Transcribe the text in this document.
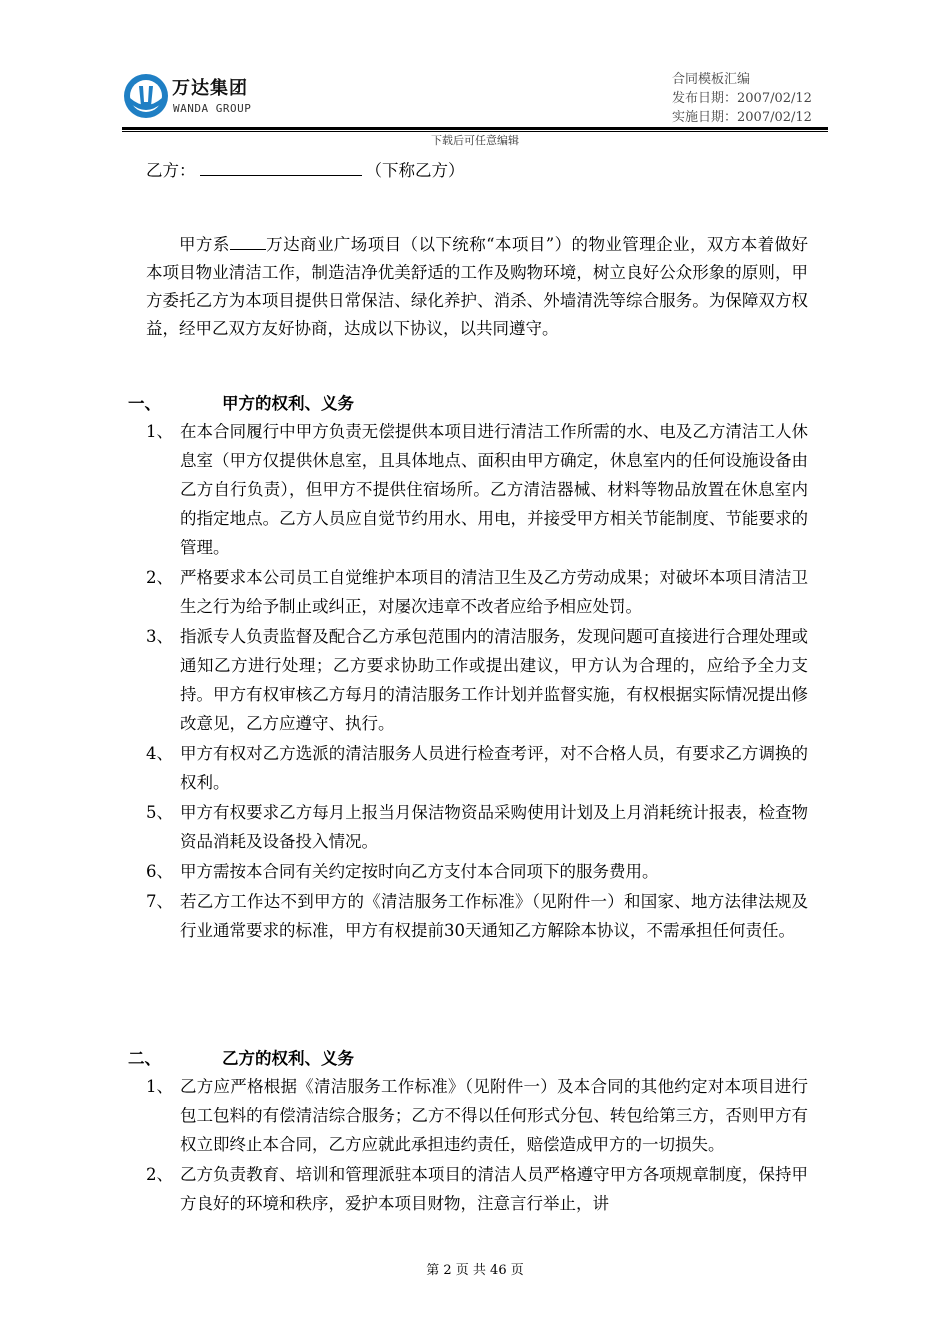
万达集团
WANDA GROUP
合同模板汇编
发布日期：2007/02/12
实施日期：2007/02/12
下载后可任意编辑
乙方：	（下称乙方）
甲方系 万达商业广场项目（以下统称“本项目”）的物业管理企业，双方本着做好本项目物业清洁工作，制造洁净优美舒适的工作及购物环境，树立良好公众形象的原则，甲方委托乙方为本项目提供日常保洁、绿化养护、消杀、外墙清洗等综合服务。为保障双方权益，经甲乙双方友好协商，达成以下协议，以共同遵守。
一、	甲方的权利、义务
1、 在本合同履行中甲方负责无偿提供本项目进行清洁工作所需的水、电及乙方清洁工人休息室（甲方仅提供休息室，且具体地点、面积由甲方确定，休息室内的任何设施设备由乙方自行负责），但甲方不提供住宿场所。乙方清洁器械、材料等物品放置在休息室内的指定地点。乙方人员应自觉节约用水、用电，并接受甲方相关节能制度、节能要求的管理。
2、 严格要求本公司员工自觉维护本项目的清洁卫生及乙方劳动成果；对破坏本项目清洁卫生之行为给予制止或纠正，对屡次违章不改者应给予相应处罚。
3、 指派专人负责监督及配合乙方承包范围内的清洁服务，发现问题可直接进行合理处理或通知乙方进行处理；乙方要求协助工作或提出建议，甲方认为合理的，应给予全力支持。甲方有权审核乙方每月的清洁服务工作计划并监督实施，有权根据实际情况提出修改意见，乙方应遵守、执行。
4、 甲方有权对乙方选派的清洁服务人员进行检查考评，对不合格人员，有要求乙方调换的权利。
5、 甲方有权要求乙方每月上报当月保洁物资品采购使用计划及上月消耗统计报表，检查物资品消耗及设备投入情况。
6、 甲方需按本合同有关约定按时向乙方支付本合同项下的服务费用。
7、 若乙方工作达不到甲方的《清洁服务工作标准》（见附件一）和国家、地方法律法规及行业通常要求的标准，甲方有权提前30天通知乙方解除本协议，不需承担任何责任。
二、	乙方的权利、义务
1、 乙方应严格根据《清洁服务工作标准》（见附件一）及本合同的其他约定对本项目进行包工包料的有偿清洁综合服务；乙方不得以任何形式分包、转包给第三方，否则甲方有权立即终止本合同，乙方应就此承担违约责任，赔偿造成甲方的一切损失。
2、 乙方负责教育、培训和管理派驻本项目的清洁人员严格遵守甲方各项规章制度，保持甲方良好的环境和秩序，爱护本项目财物，注意言行举止，讲
第 2 页 共 46 页
